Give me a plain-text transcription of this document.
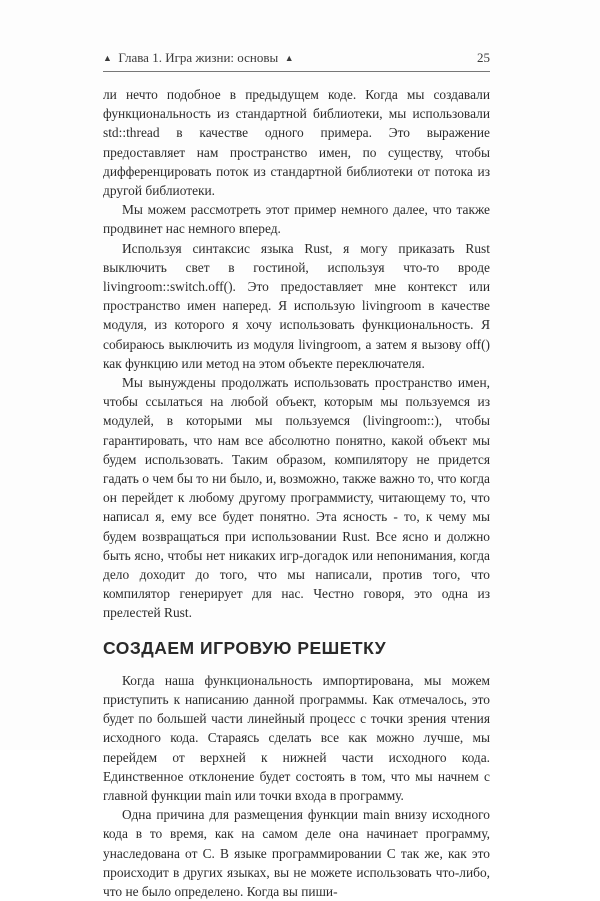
▲ Глава 1. Игра жизни: основы ▲	25

ли нечто подобное в предыдущем коде. Когда мы создавали функциональность из стандартной библиотеки, мы использовали std::thread в качестве одного примера. Это выражение предоставляет нам пространство имен, по существу, чтобы дифференцировать поток из стандартной библиотеки от потока из другой библиотеки.

Мы можем рассмотреть этот пример немного далее, что также продвинет нас немного вперед.

Используя синтаксис языка Rust, я могу приказать Rust выключить свет в гостиной, используя что-то вроде livingroom::switch.off(). Это предоставляет мне контекст или пространство имен наперед. Я использую livingroom в качестве модуля, из которого я хочу использовать функциональность. Я собираюсь выключить из модуля livingroom, а затем я вызову off() как функцию или метод на этом объекте переключателя.

Мы вынуждены продолжать использовать пространство имен, чтобы ссылаться на любой объект, которым мы пользуемся из модулей, в которыми мы пользуемся (livingroom::), чтобы гарантировать, что нам все абсолютно понятно, какой объект мы будем использовать. Таким образом, компилятору не придется гадать о чем бы то ни было, и, возможно, также важно то, что когда он перейдет к любому другому программисту, читающему то, что написал я, ему все будет понятно. Эта ясность - то, к чему мы будем возвращаться при использовании Rust. Все ясно и должно быть ясно, чтобы нет никаких игр-догадок или непонимания, когда дело доходит до того, что мы написали, против того, что компилятор генерирует для нас. Честно говоря, это одна из прелестей Rust.

СОЗДАЕМ ИГРОВУЮ РЕШЕТКУ

Когда наша функциональность импортирована, мы можем приступить к написанию данной программы. Как отмечалось, это будет по большей части линейный процесс с точки зрения чтения исходного кода. Стараясь сделать все как можно лучше, мы перейдем от верхней к нижней части исходного кода. Единственное отклонение будет состоять в том, что мы начнем с главной функции main или точки входа в программу.

Одна причина для размещения функции main внизу исходного кода в то время, как на самом деле она начинает программу, унаследована от C. В языке программировании C так же, как это происходит в других языках, вы не можете использовать что-либо, что не было определено. Когда вы пиши-
